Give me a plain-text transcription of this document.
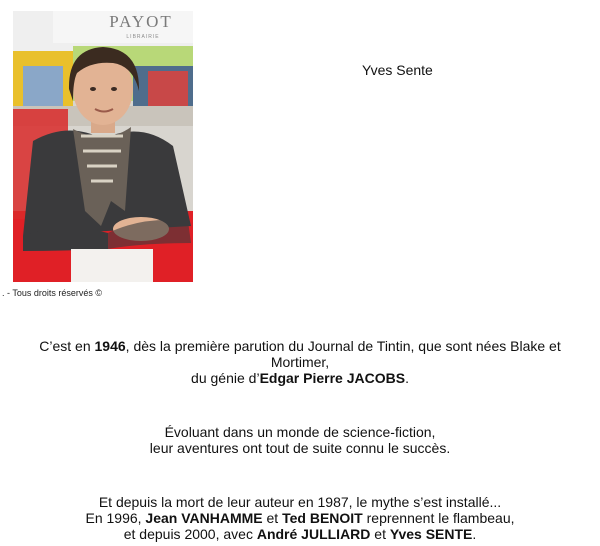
PAYOT
LIBRAIRIE
. - Tous droits réservés ©
Yves Sente
C’est en 1946, dès la première parution du Journal de Tintin, que sont nées Blake et
Mortimer,
du génie d’Edgar Pierre JACOBS.
Évoluant dans un monde de science-fiction,
leur aventures ont tout de suite connu le succès.
Et depuis la mort de leur auteur en 1987, le mythe s’est installé...
En 1996, Jean VANHAMME et Ted BENOIT reprennent le flambeau,
et depuis 2000, avec André JULLIARD et Yves SENTE.
